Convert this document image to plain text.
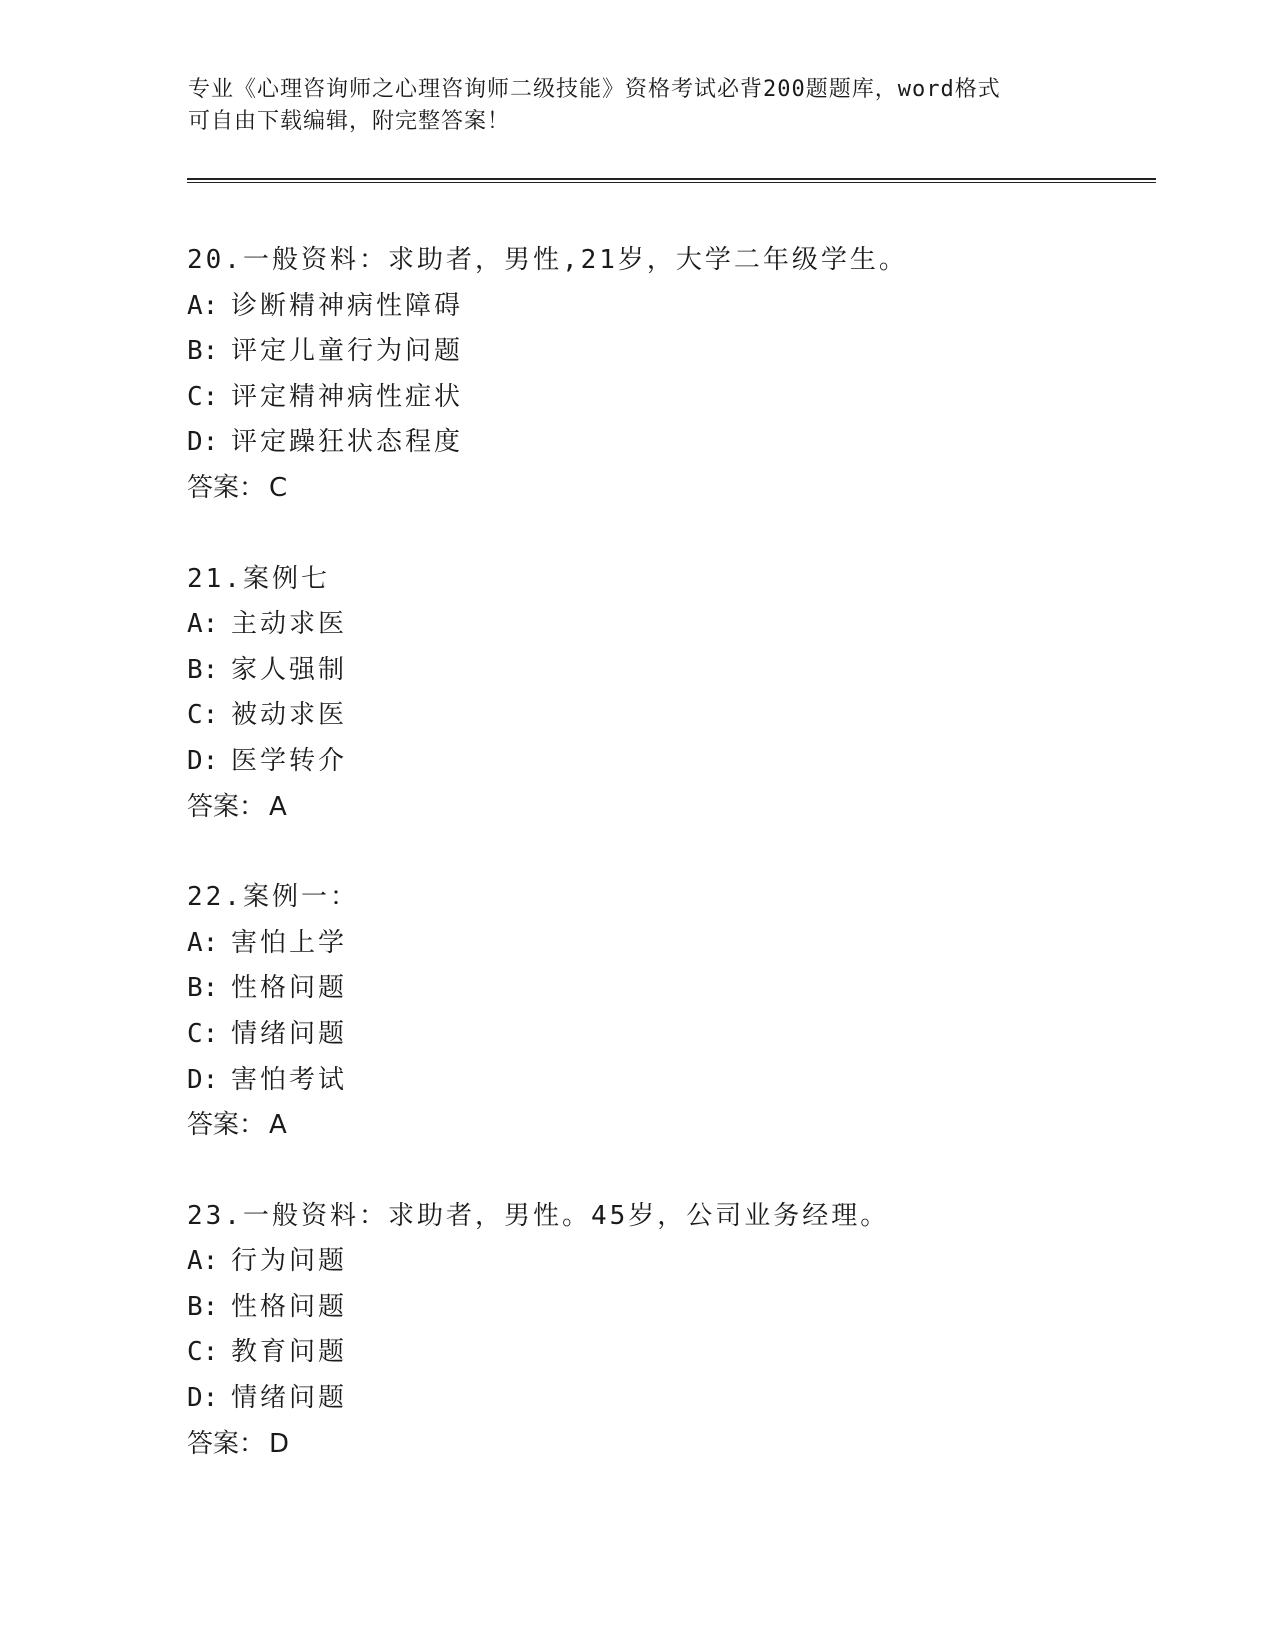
专业《心理咨询师之心理咨询师二级技能》资格考试必背200题题库，word格式
可自由下载编辑，附完整答案！
20.一般资料：求助者，男性,21岁，大学二年级学生。
A: 诊断精神病性障碍
B: 评定儿童行为问题
C: 评定精神病性症状
D: 评定躁狂状态程度
答案： C
21.案例七
A: 主动求医
B: 家人强制
C: 被动求医
D: 医学转介
答案： A
22.案例一：
A: 害怕上学
B: 性格问题
C: 情绪问题
D: 害怕考试
答案： A
23.一般资料：求助者，男性。45岁，公司业务经理。
A: 行为问题
B: 性格问题
C: 教育问题
D: 情绪问题
答案： D
